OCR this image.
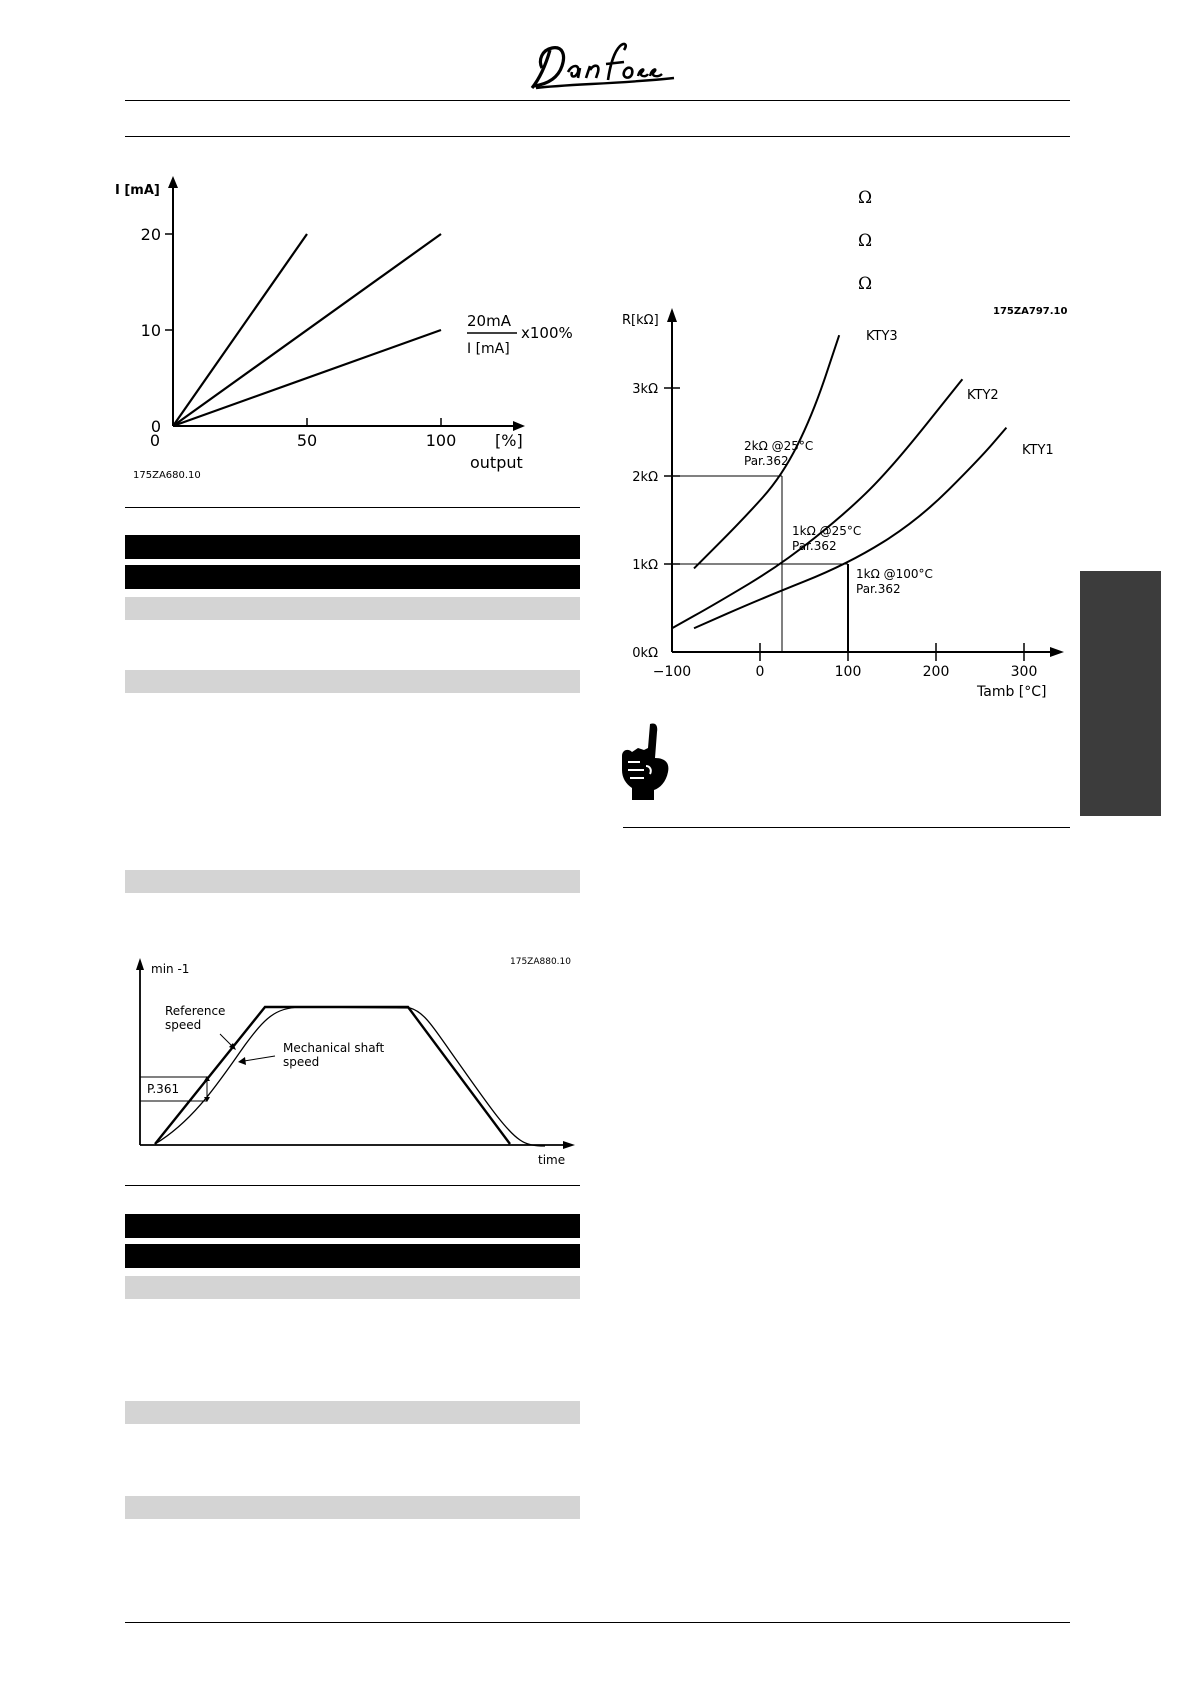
I [mA]
20
10
0
0	50	100 [%]
output
20mA
I [mA]
x100%
175ZA680.10
min -1	175ZA880.10
P.361
Reference
speed
Mechanical shaft
speed
time
Ω
Ω
Ω
R[kΩ]
175ZA797.10
Tamb [°C]
3kΩ
2kΩ
1kΩ
0kΩ
−100	0	100	200	300
KTY3
KTY2
KTY1
2kΩ @25°C
Par.362
1kΩ @25°C
Par.362
1kΩ @100°C
Par.362
